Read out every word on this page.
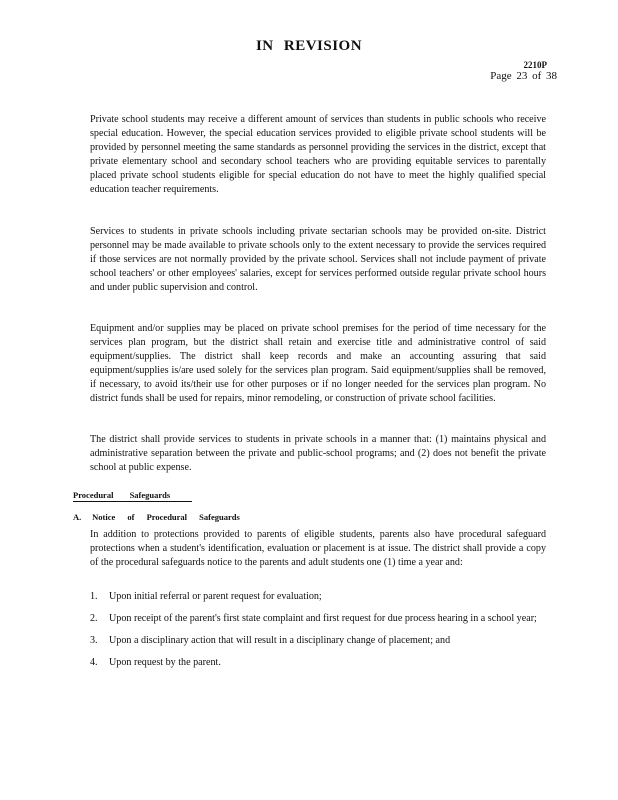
IN REVISION
2210P
Page 23 of 38

Private school students may receive a different amount of services than students in public schools who receive special education. However, the special education services provided to eligible private school students will be provided by personnel meeting the same standards as personnel providing the services in the district, except that private elementary school and secondary school teachers who are providing equitable services to parentally placed private school students eligible for special education do not have to meet the highly qualified special education teacher requirements.

Services to students in private schools including private sectarian schools may be provided on-site. District personnel may be made available to private schools only to the extent necessary to provide the services required if those services are not normally provided by the private school. Services shall not include payment of private school teachers' or other employees' salaries, except for services performed outside regular private school hours and under public supervision and control.

Equipment and/or supplies may be placed on private school premises for the period of time necessary for the services plan program, but the district shall retain and exercise title and administrative control of said equipment/supplies. The district shall keep records and make an accounting assuring that said equipment/supplies is/are used solely for the services plan program. Said equipment/supplies shall be removed, if necessary, to avoid its/their use for other purposes or if no longer needed for the services plan program. No district funds shall be used for repairs, minor remodeling, or construction of private school facilities.

The district shall provide services to students in private schools in a manner that: (1) maintains physical and administrative separation between the private and public-school programs; and (2) does not benefit the private school at public expense.

Procedural Safeguards
A. Notice of Procedural Safeguards

In addition to protections provided to parents of eligible students, parents also have procedural safeguard protections when a student's identification, evaluation or placement is at issue. The district shall provide a copy of the procedural safeguards notice to the parents and adult students one (1) time a year and:

1. Upon initial referral or parent request for evaluation;
2. Upon receipt of the parent's first state complaint and first request for due process hearing in a school year;
3. Upon a disciplinary action that will result in a disciplinary change of placement; and
4. Upon request by the parent.
